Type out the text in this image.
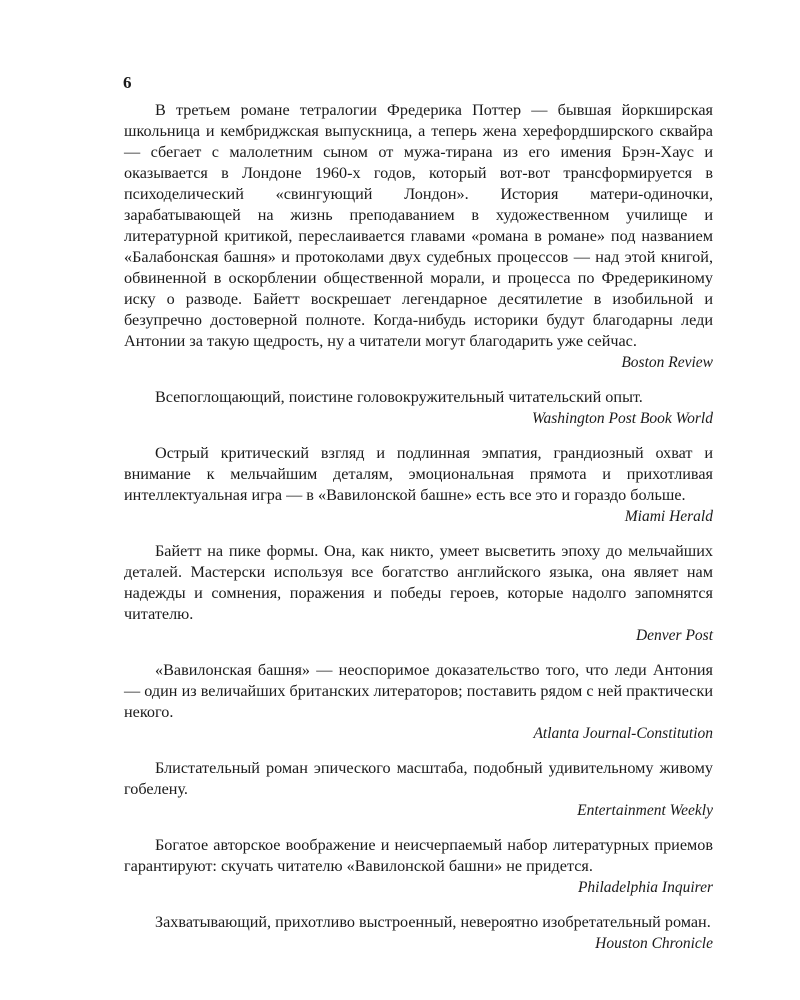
6

В третьем романе тетралогии Фредерика Поттер — бывшая йоркширская школьница и кембриджская выпускница, а теперь жена херефордширского сквайра — сбегает с малолетним сыном от мужа-тирана из его имения Брэн-Хаус и оказывается в Лондоне 1960-х годов, который вот-вот трансформируется в психоделический «свингующий Лондон». История матери-одиночки, зарабатывающей на жизнь преподаванием в художественном училище и литературной критикой, переслаивается главами «романа в романе» под названием «Балабонская башня» и протоколами двух судебных процессов — над этой книгой, обвиненной в оскорблении общественной морали, и процесса по Фредерикиному иску о разводе. Байетт воскрешает легендарное десятилетие в изобильной и безупречно достоверной полноте. Когда-нибудь историки будут благодарны леди Антонии за такую щедрость, ну а читатели могут благодарить уже сейчас.

Boston Review

Всепоглощающий, поистине головокружительный читательский опыт.

Washington Post Book World

Острый критический взгляд и подлинная эмпатия, грандиозный охват и внимание к мельчайшим деталям, эмоциональная прямота и прихотливая интеллектуальная игра — в «Вавилонской башне» есть все это и гораздо больше.

Miami Herald

Байетт на пике формы. Она, как никто, умеет высветить эпоху до мельчайших деталей. Мастерски используя все богатство английского языка, она являет нам надежды и сомнения, поражения и победы героев, которые надолго запомнятся читателю.

Denver Post

«Вавилонская башня» — неоспоримое доказательство того, что леди Антония — один из величайших британских литераторов; поставить рядом с ней практически некого.

Atlanta Journal-Constitution

Блистательный роман эпического масштаба, подобный удивительному живому гобелену.

Entertainment Weekly

Богатое авторское воображение и неисчерпаемый набор литературных приемов гарантируют: скучать читателю «Вавилонской башни» не придется.

Philadelphia Inquirer

Захватывающий, прихотливо выстроенный, невероятно изобретательный роман.

Houston Chronicle
